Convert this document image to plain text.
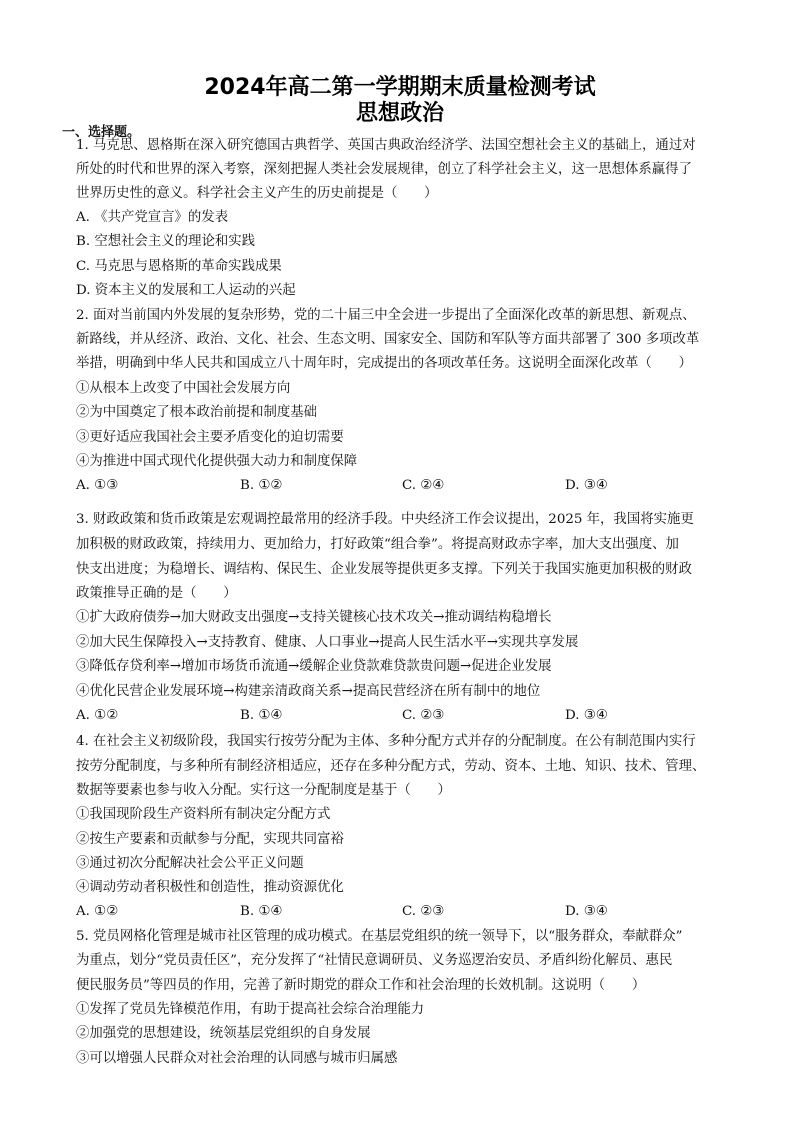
2024年高二第一学期期末质量检测考试
思想政治
一、选择题。
1. 马克思、恩格斯在深入研究德国古典哲学、英国古典政治经济学、法国空想社会主义的基础上，通过对
所处的时代和世界的深入考察，深刻把握人类社会发展规律，创立了科学社会主义，这一思想体系赢得了
世界历史性的意义。科学社会主义产生的历史前提是（　　）
A. 《共产党宣言》的发表
B. 空想社会主义的理论和实践
C. 马克思与恩格斯的革命实践成果
D. 资本主义的发展和工人运动的兴起
2. 面对当前国内外发展的复杂形势，党的二十届三中全会进一步提出了全面深化改革的新思想、新观点、
新路线，并从经济、政治、文化、社会、生态文明、国家安全、国防和军队等方面共部署了 300 多项改革
举措，明确到中华人民共和国成立八十周年时，完成提出的各项改革任务。这说明全面深化改革（　　）
①从根本上改变了中国社会发展方向
②为中国奠定了根本政治前提和制度基础
③更好适应我国社会主要矛盾变化的迫切需要
④为推进中国式现代化提供强大动力和制度保障
A. ①③	B. ①②	C. ②④	D. ③④
3. 财政政策和货币政策是宏观调控最常用的经济手段。中央经济工作会议提出，2025 年，我国将实施更
加积极的财政政策，持续用力、更加给力，打好政策“组合拳”。将提高财政赤字率，加大支出强度、加
快支出进度；为稳增长、调结构、保民生、企业发展等提供更多支撑。下列关于我国实施更加积极的财政
政策推导正确的是（　　）
①扩大政府债券→加大财政支出强度→支持关键核心技术攻关→推动调结构稳增长
②加大民生保障投入→支持教育、健康、人口事业→提高人民生活水平→实现共享发展
③降低存贷利率→增加市场货币流通→缓解企业贷款难贷款贵问题→促进企业发展
④优化民营企业发展环境→构建亲清政商关系→提高民营经济在所有制中的地位
A. ①②	B. ①④	C. ②③	D. ③④
4. 在社会主义初级阶段，我国实行按劳分配为主体、多种分配方式并存的分配制度。在公有制范围内实行
按劳分配制度，与多种所有制经济相适应，还存在多种分配方式，劳动、资本、土地、知识、技术、管理、
数据等要素也参与收入分配。实行这一分配制度是基于（　　）
①我国现阶段生产资料所有制决定分配方式
②按生产要素和贡献参与分配，实现共同富裕
③通过初次分配解决社会公平正义问题
④调动劳动者积极性和创造性，推动资源优化
A. ①②	B. ①④	C. ②③	D. ③④
5. 党员网格化管理是城市社区管理的成功模式。在基层党组织的统一领导下，以“服务群众，奉献群众”
为重点，划分“党员责任区”，充分发挥了“社情民意调研员、义务巡逻治安员、矛盾纠纷化解员、惠民
便民服务员”等四员的作用，完善了新时期党的群众工作和社会治理的长效机制。这说明（　　）
①发挥了党员先锋模范作用，有助于提高社会综合治理能力
②加强党的思想建设，统领基层党组织的自身发展
③可以增强人民群众对社会治理的认同感与城市归属感
